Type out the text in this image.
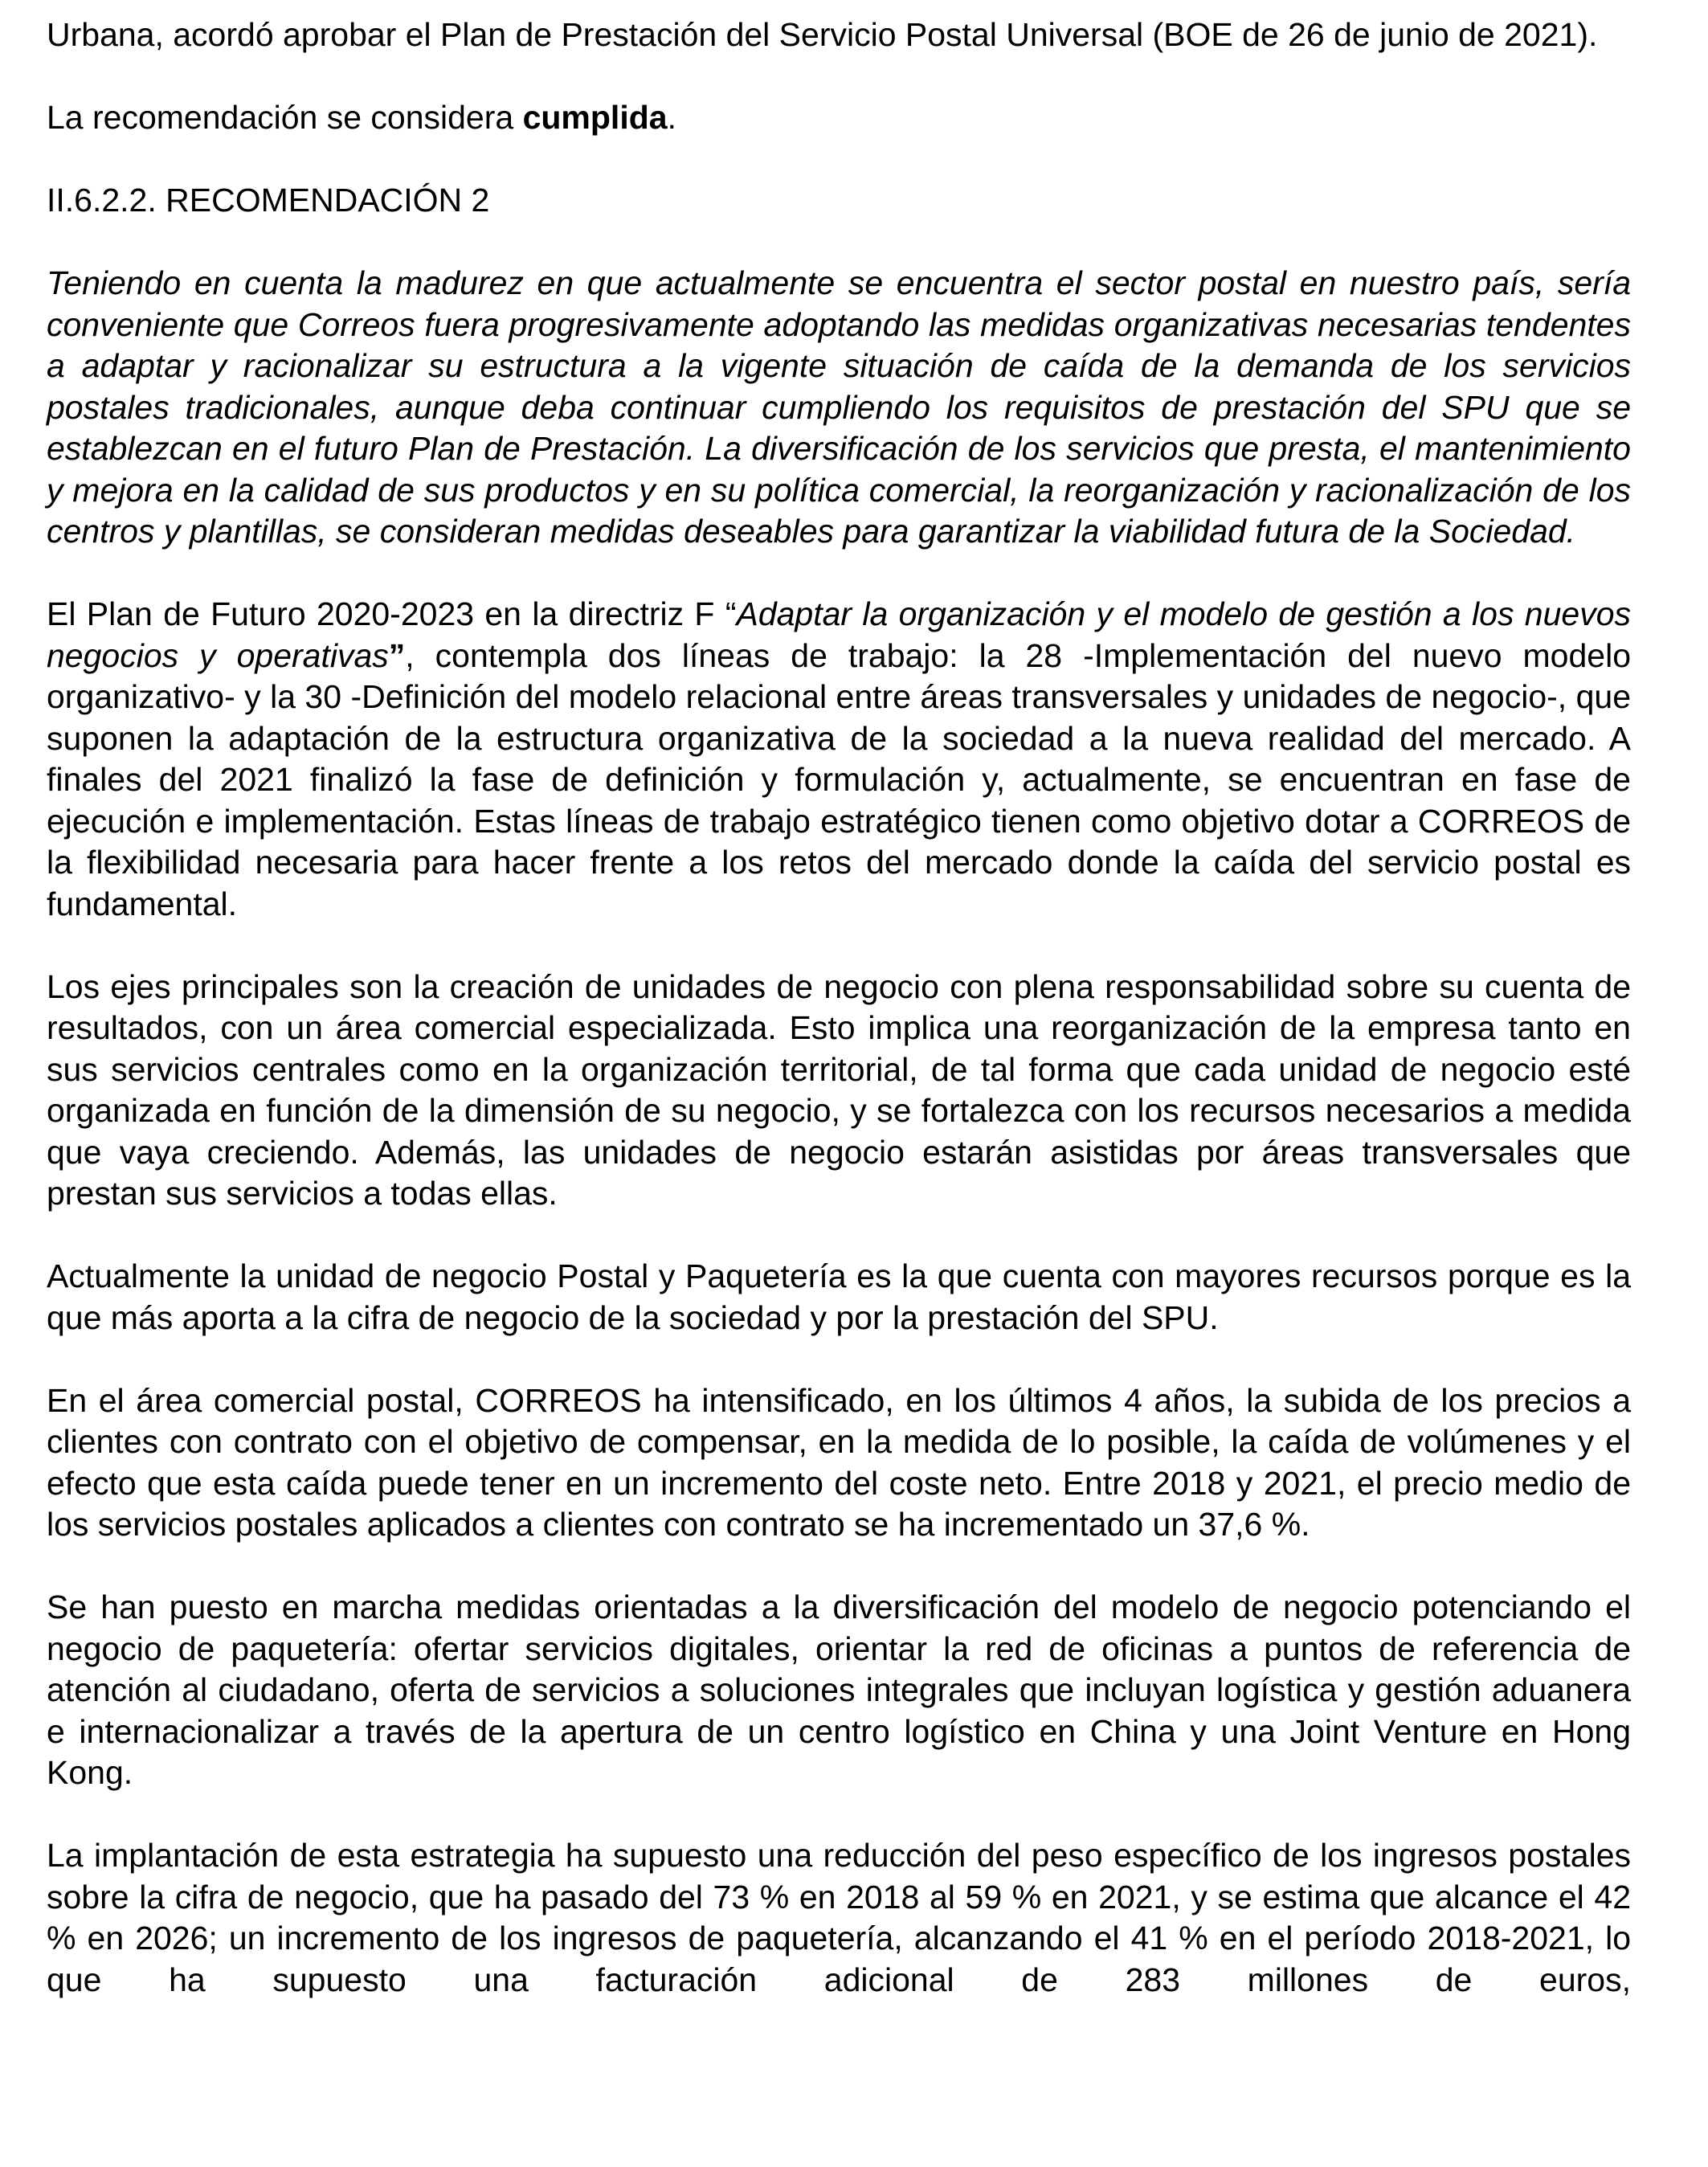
Urbana, acordó aprobar el Plan de Prestación del Servicio Postal Universal (BOE de 26 de junio de 2021).

La recomendación se considera cumplida.

II.6.2.2. RECOMENDACIÓN 2

Teniendo en cuenta la madurez en que actualmente se encuentra el sector postal en nuestro país, sería conveniente que Correos fuera progresivamente adoptando las medidas organizativas necesarias tendentes a adaptar y racionalizar su estructura a la vigente situación de caída de la demanda de los servicios postales tradicionales, aunque deba continuar cumpliendo los requisitos de prestación del SPU que se establezcan en el futuro Plan de Prestación. La diversificación de los servicios que presta, el mantenimiento y mejora en la calidad de sus productos y en su política comercial, la reorganización y racionalización de los centros y plantillas, se consideran medidas deseables para garantizar la viabilidad futura de la Sociedad.

El Plan de Futuro 2020-2023 en la directriz F “Adaptar la organización y el modelo de gestión a los nuevos negocios y operativas”, contempla dos líneas de trabajo: la 28 -Implementación del nuevo modelo organizativo- y la 30 -Definición del modelo relacional entre áreas transversales y unidades de negocio-, que suponen la adaptación de la estructura organizativa de la sociedad a la nueva realidad del mercado. A finales del 2021 finalizó la fase de definición y formulación y, actualmente, se encuentran en fase de ejecución e implementación. Estas líneas de trabajo estratégico tienen como objetivo dotar a CORREOS de la flexibilidad necesaria para hacer frente a los retos del mercado donde la caída del servicio postal es fundamental.

Los ejes principales son la creación de unidades de negocio con plena responsabilidad sobre su cuenta de resultados, con un área comercial especializada. Esto implica una reorganización de la empresa tanto en sus servicios centrales como en la organización territorial, de tal forma que cada unidad de negocio esté organizada en función de la dimensión de su negocio, y se fortalezca con los recursos necesarios a medida que vaya creciendo. Además, las unidades de negocio estarán asistidas por áreas transversales que prestan sus servicios a todas ellas.

Actualmente la unidad de negocio Postal y Paquetería es la que cuenta con mayores recursos porque es la que más aporta a la cifra de negocio de la sociedad y por la prestación del SPU.

En el área comercial postal, CORREOS ha intensificado, en los últimos 4 años, la subida de los precios a clientes con contrato con el objetivo de compensar, en la medida de lo posible, la caída de volúmenes y el efecto que esta caída puede tener en un incremento del coste neto. Entre 2018 y 2021, el precio medio de los servicios postales aplicados a clientes con contrato se ha incrementado un 37,6 %.

Se han puesto en marcha medidas orientadas a la diversificación del modelo de negocio potenciando el negocio de paquetería: ofertar servicios digitales, orientar la red de oficinas a puntos de referencia de atención al ciudadano, oferta de servicios a soluciones integrales que incluyan logística y gestión aduanera e internacionalizar a través de la apertura de un centro logístico en China y una Joint Venture en Hong Kong.

La implantación de esta estrategia ha supuesto una reducción del peso específico de los ingresos postales sobre la cifra de negocio, que ha pasado del 73 % en 2018 al 59 % en 2021, y se estima que alcance el 42 % en 2026; un incremento de los ingresos de paquetería, alcanzando el 41 % en el período 2018-2021, lo que ha supuesto una facturación adicional de 283 millones de euros,
